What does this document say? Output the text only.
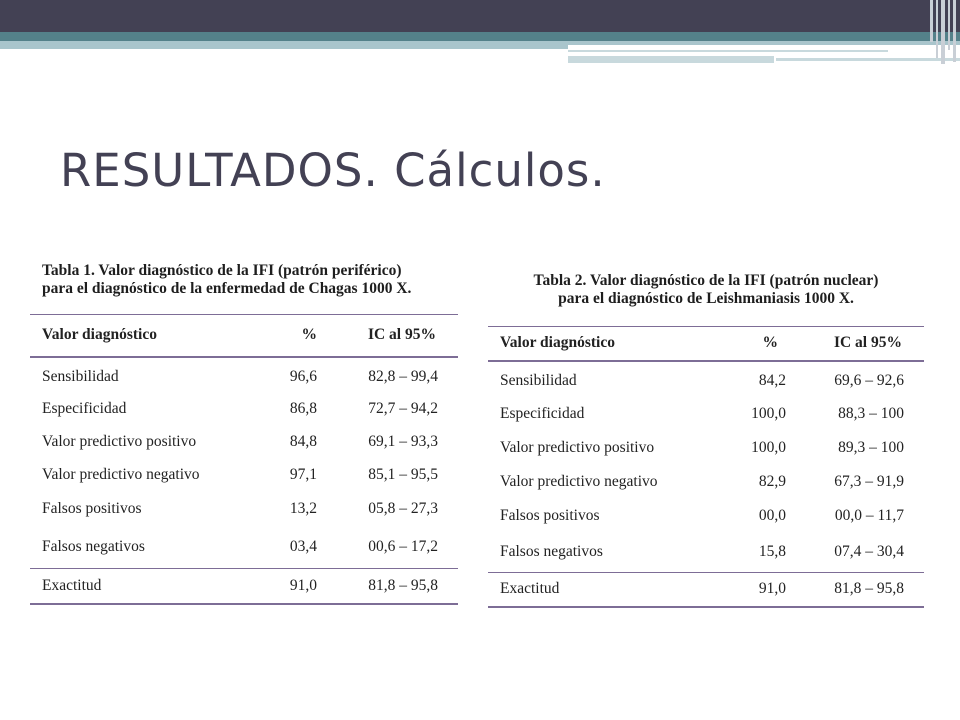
RESULTADOS. Cálculos.

Tabla 1. Valor diagnóstico de la IFI (patrón periférico)
para el diagnóstico de la enfermedad de Chagas 1000 X.

Valor diagnóstico	%	IC al 95%
Sensibilidad	96,6	82,8 – 99,4
Especificidad	86,8	72,7 – 94,2
Valor predictivo positivo	84,8	69,1 – 93,3
Valor predictivo negativo	97,1	85,1 – 95,5
Falsos positivos	13,2	05,8 – 27,3
Falsos negativos	03,4	00,6 – 17,2
Exactitud	91,0	81,8 – 95,8

Tabla 2. Valor diagnóstico de la IFI (patrón nuclear)
para el diagnóstico de Leishmaniasis 1000 X.

Valor diagnóstico	%	IC al 95%
Sensibilidad	84,2	69,6 – 92,6
Especificidad	100,0	88,3 – 100
Valor predictivo positivo	100,0	89,3 – 100
Valor predictivo negativo	82,9	67,3 – 91,9
Falsos positivos	00,0	00,0 – 11,7
Falsos negativos	15,8	07,4 – 30,4
Exactitud	91,0	81,8 – 95,8
